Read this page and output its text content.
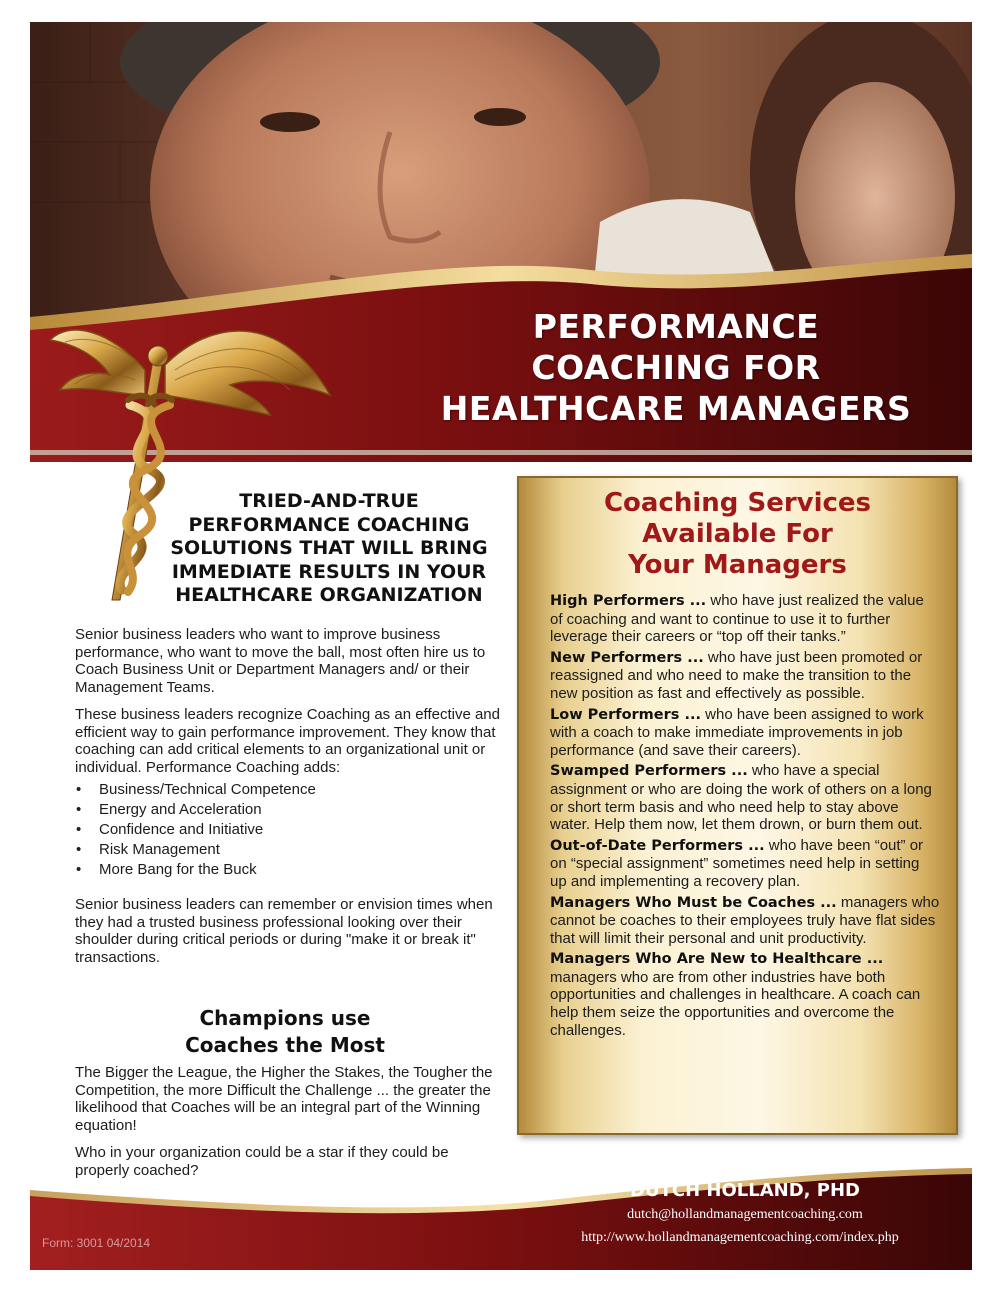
PERFORMANCE
COACHING FOR
HEALTHCARE MANAGERS
TRIED-AND-TRUE
PERFORMANCE COACHING
SOLUTIONS THAT WILL BRING
IMMEDIATE RESULTS IN YOUR
HEALTHCARE ORGANIZATION

Senior business leaders who want to improve business performance, who want to move the ball, most often hire us to Coach Business Unit or Department Managers and/ or their Management Teams.

These business leaders recognize Coaching as an effective and efficient way to gain performance improvement. They know that coaching can add critical elements to an organizational unit or individual. Performance Coaching adds:

• Business/Technical Competence
• Energy and Acceleration
• Confidence and Initiative
• Risk Management
• More Bang for the Buck

Senior business leaders can remember or envision times when they had a trusted business professional looking over their shoulder during critical periods or during "make it or break it" transactions.

Champions use
Coaches the Most

The Bigger the League, the Higher the Stakes, the Tougher the Competition, the more Difficult the Challenge ... the greater the likelihood that Coaches will be an integral part of the Winning equation!

Who in your organization could be a star if they could be properly coached?

Coaching Services
Available For
Your Managers
High Performers ... who have just realized the value of coaching and want to continue to use it to further leverage their careers or “top off their tanks.”
New Performers ... who have just been promoted or reassigned and who need to make the transition to the new position as fast and effectively as possible.
Low Performers ... who have been assigned to work with a coach to make immediate improvements in job performance (and save their careers).
Swamped Performers ... who have a special assignment or who are doing the work of others on a long or short term basis and who need help to stay above water. Help them now, let them drown, or burn them out.
Out-of-Date Performers ... who have been “out” or on “special assignment” sometimes need help in setting up and implementing a recovery plan.
Managers Who Must be Coaches ... managers who cannot be coaches to their employees truly have flat sides that will limit their personal and unit productivity.
Managers Who Are New to Healthcare ... managers who are from other industries have both opportunities and challenges in healthcare. A coach can help them seize the opportunities and overcome the challenges.
Form: 3001 04/2014
DUTCH HOLLAND, PHD
dutch@hollandmanagementcoaching.com
http://www.hollandmanagementcoaching.com/index.php
